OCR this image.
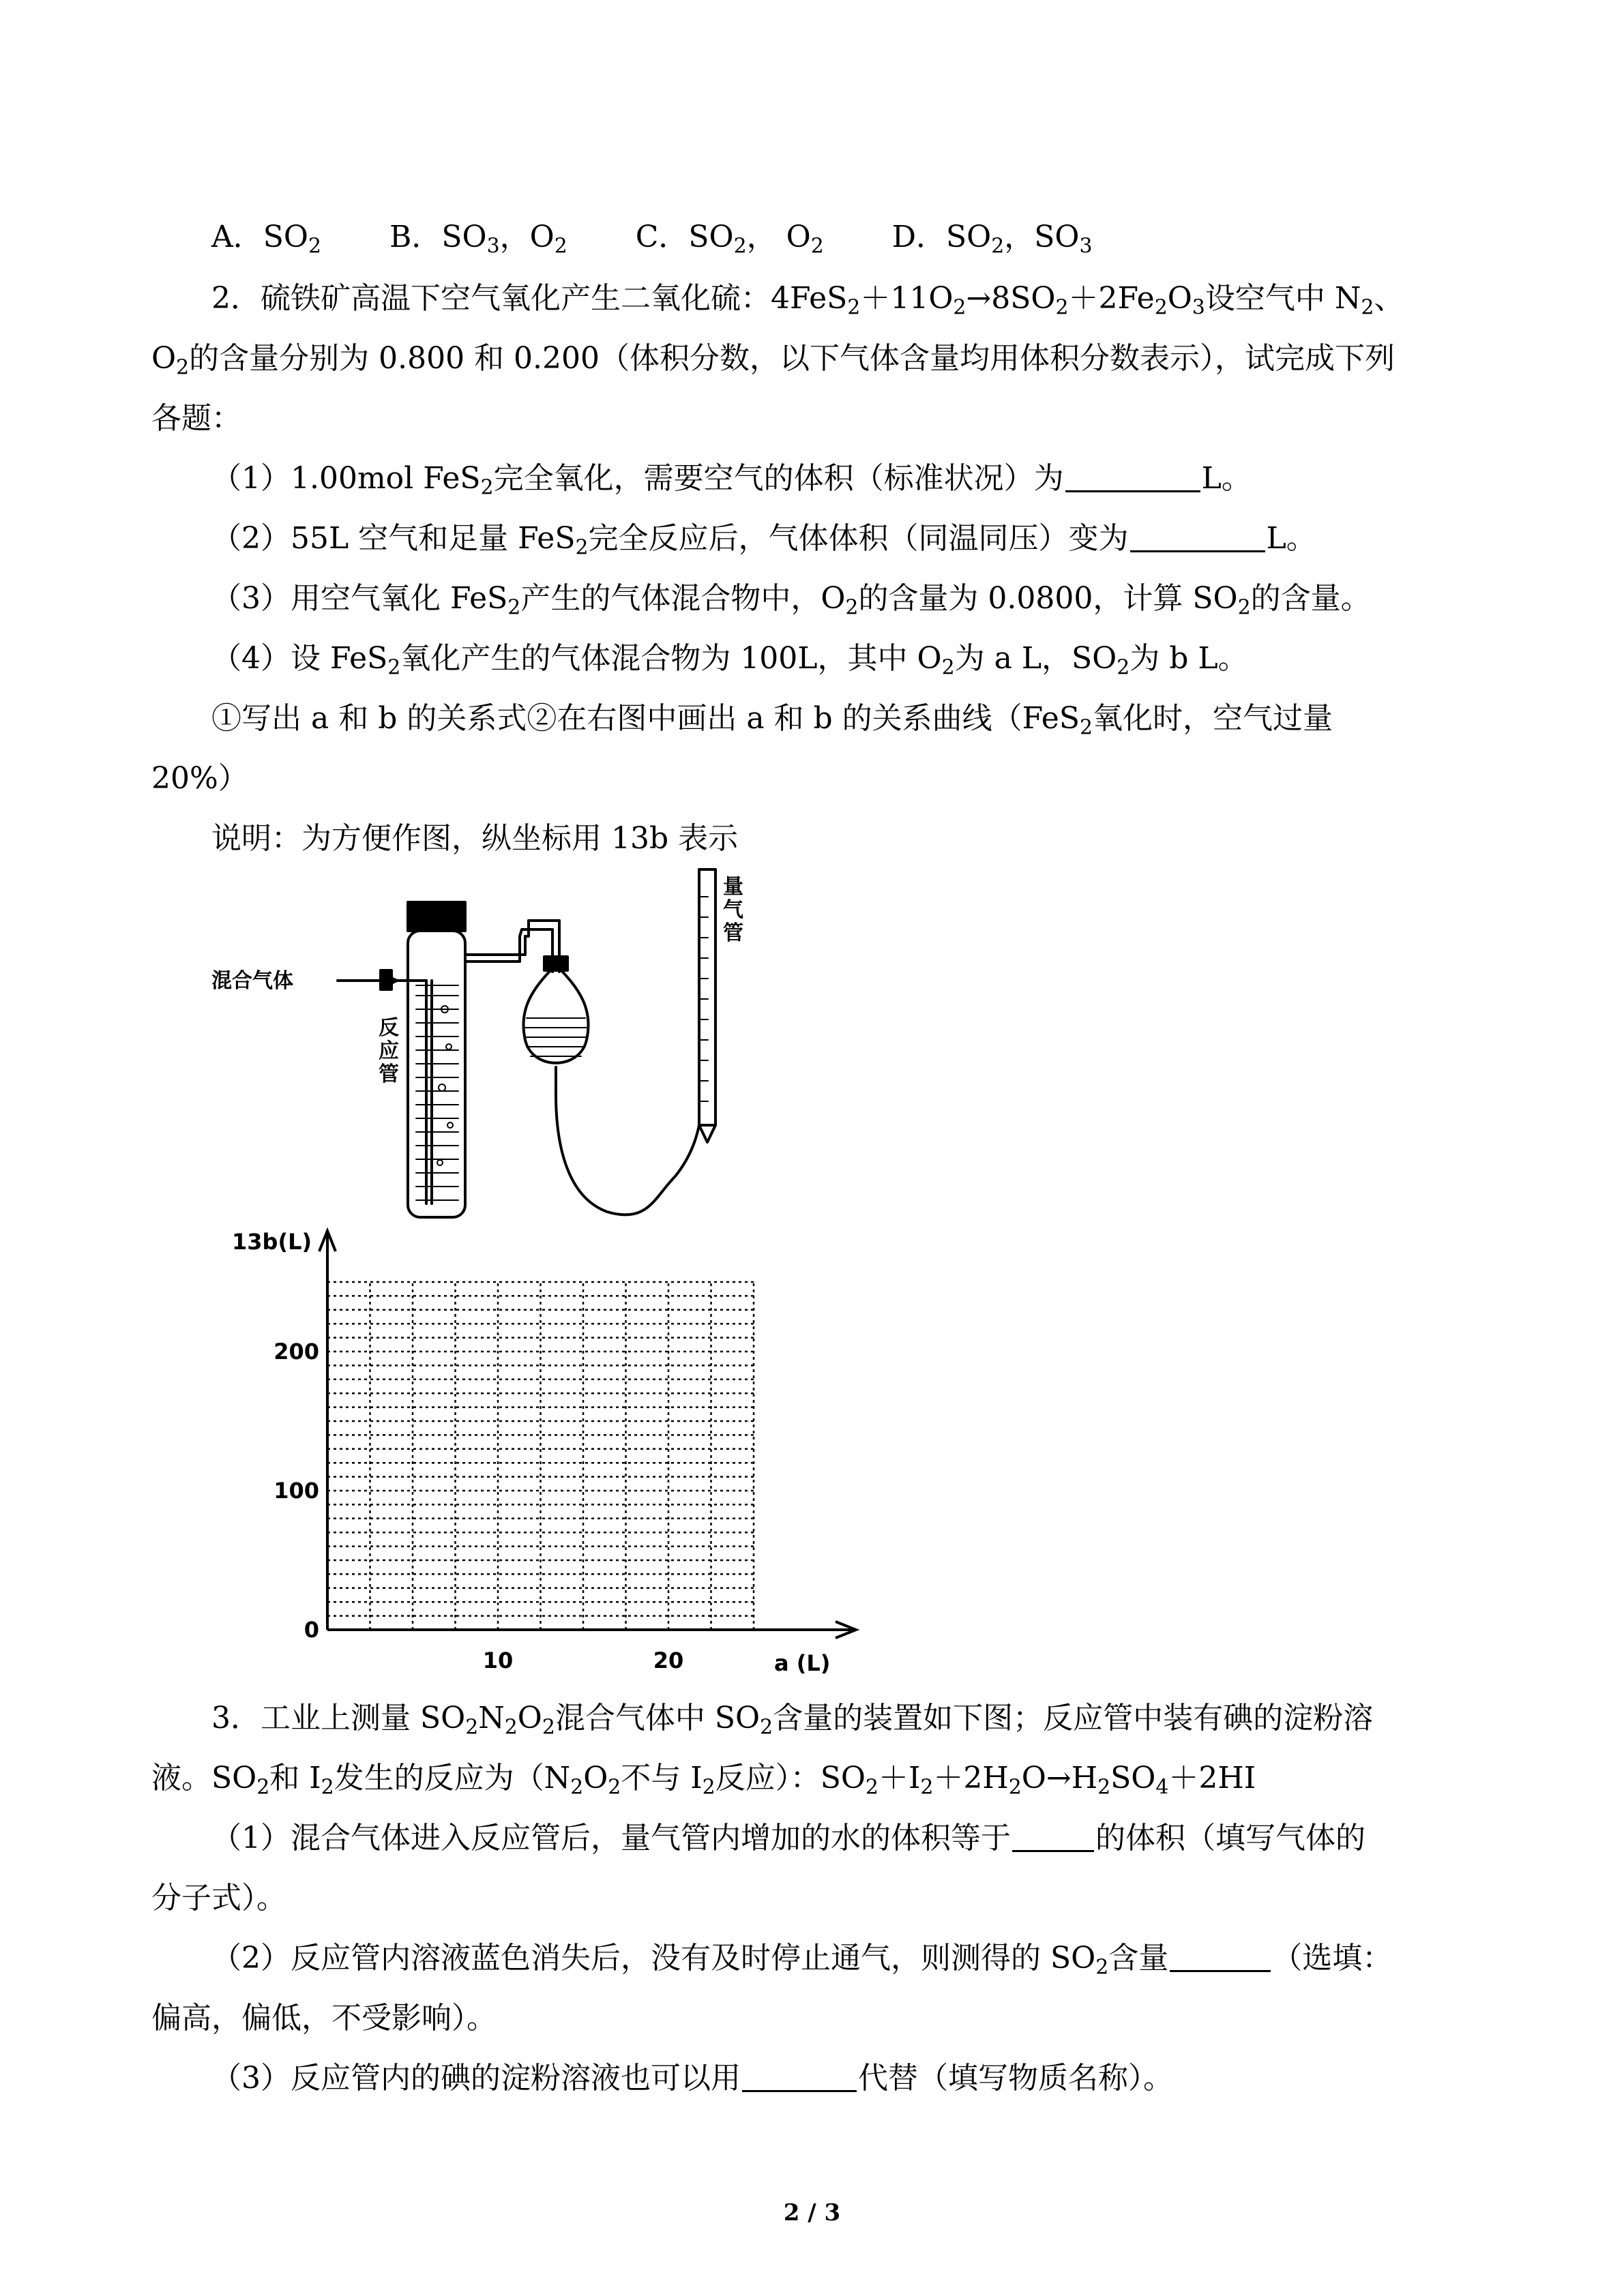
A．$SO_2$ B．$SO_3$，$O_2$ C．$SO_2$， $O_2$ D．$SO_2$，$SO_3$
2．硫铁矿高温下空气氧化产生二氧化硫：$4FeS_2+11O_2\to 8SO_2+2Fe_2O_3$设空气中 $N_2$、
$O_2$的含量分别为 0.800 和 0.200（体积分数，以下气体含量均用体积分数表示），试完成下列
各题：
（1）1.00mol FeS$_2$完全氧化，需要空气的体积（标准状况）为	L。
（2）55L 空气和足量 FeS$_2$完全反应后，气体体积（同温同压）变为	L。
（3）用空气氧化 FeS$_2$产生的气体混合物中，$O_2$的含量为 0.0800，计算 $SO_2$的含量。
（4）设 FeS$_2$氧化产生的气体混合物为 100L，其中 $O_2$为 a L，$SO_2$为 b L。
①写出 a 和 b 的关系式②在右图中画出 a 和 b 的关系曲线（FeS$_2$氧化时，空气过量
20%）
说明：为方便作图，纵坐标用 13b 表示
混合气体
反
应
管
量
气
管
13b(L)
a (L)
0
100
200
10	20
3．工业上测量 $SO_2N_2O_2$混合气体中 $SO_2$含量的装置如下图；反应管中装有碘的淀粉溶
液。$SO_2$和 $I_2$发生的反应为（$N_2O_2$不与 $I_2$反应）：$SO_2+I_2+2H_2O\to H_2SO_4+2HI$
（1）混合气体进入反应管后，量气管内增加的水的体积等于	的体积（填写气体的
分子式）。
（2）反应管内溶液蓝色消失后，没有及时停止通气，则测得的 $SO_2$含量	（选填：
偏高，偏低，不受影响）。
（3）反应管内的碘的淀粉溶液也可以用	代替（填写物质名称）。
2 / 3
